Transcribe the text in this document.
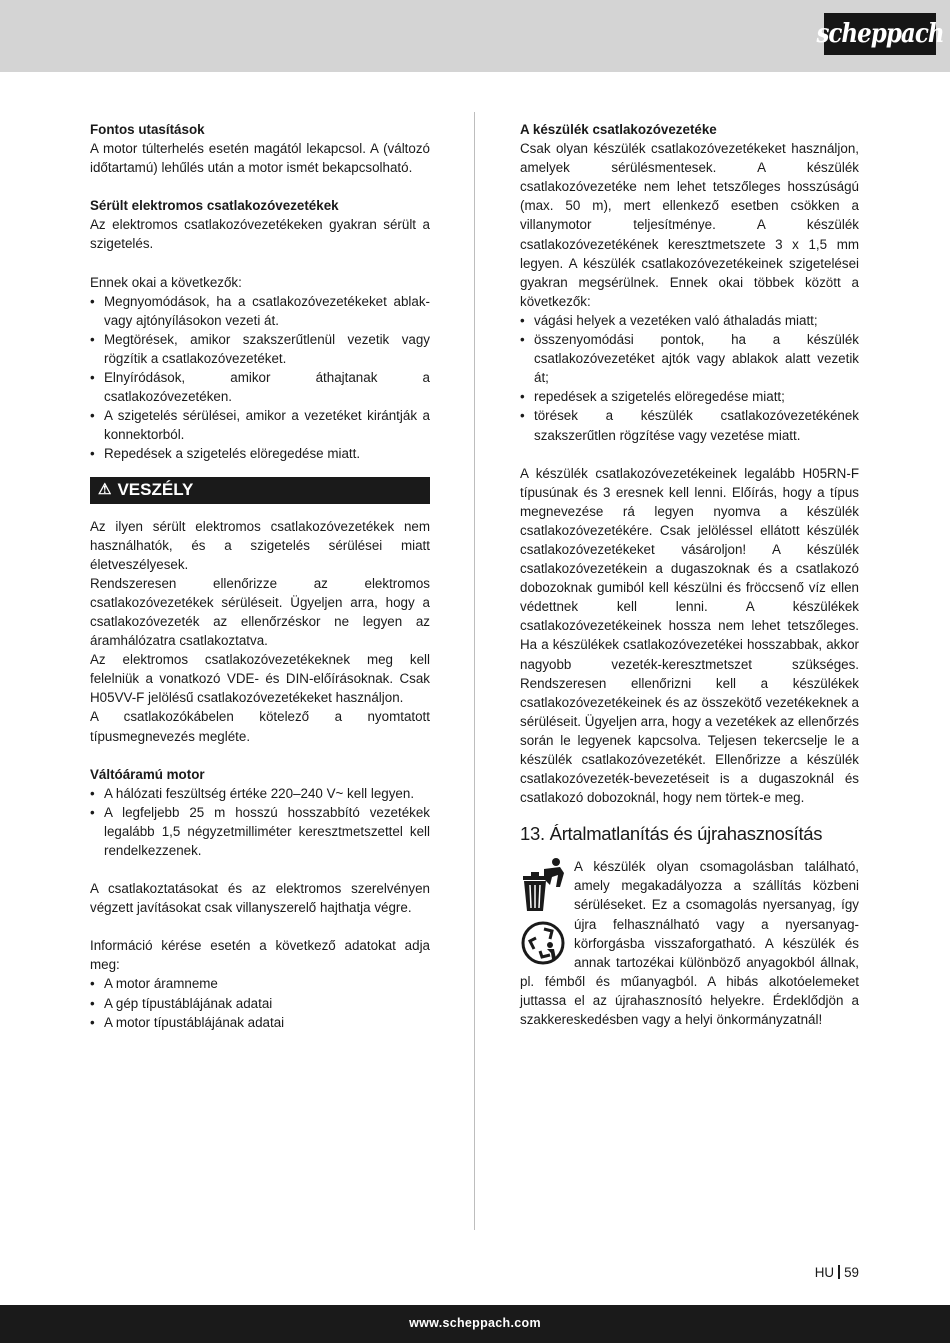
scheppach

Fontos utasítások

A motor túlterhelés esetén magától lekapcsol. A (változó időtartamú) lehűlés után a motor ismét bekapcsolható.

Sérült elektromos csatlakozóvezetékek

Az elektromos csatlakozóvezetékeken gyakran sérült a szigetelés.

Ennek okai a következők:

• Megnyomódások, ha a csatlakozóvezetékeket ablak- vagy ajtónyílásokon vezeti át.
• Megtörések, amikor szakszerűtlenül vezetik vagy rögzítik a csatlakozóvezetéket.
• Elnyíródások, amikor áthajtanak a csatlakozóvezetéken.
• A szigetelés sérülései, amikor a vezetéket kirántják a konnektorból.
• Repedések a szigetelés elöregedése miatt.
⚠ VESZÉLY

Az ilyen sérült elektromos csatlakozóvezetékek nem használhatók, és a szigetelés sérülései miatt életveszélyesek.

Rendszeresen ellenőrizze az elektromos csatlakozóvezetékek sérüléseit. Ügyeljen arra, hogy a csatlakozóvezeték az ellenőrzéskor ne legyen az áramhálózatra csatlakoztatva.

Az elektromos csatlakozóvezetékeknek meg kell felelniük a vonatkozó VDE- és DIN-előírásoknak. Csak H05VV-F jelölésű csatlakozóvezetékeket használjon.

A csatlakozókábelen kötelező a nyomtatott típusmegnevezés megléte.

Váltóáramú motor

• A hálózati feszültség értéke 220–240 V~ kell legyen.
• A legfeljebb 25 m hosszú hosszabbító vezetékek legalább 1,5 négyzetmilliméter keresztmetszettel kell rendelkezzenek.

A csatlakoztatásokat és az elektromos szerelvényen végzett javításokat csak villanyszerelő hajthatja végre.

Információ kérése esetén a következő adatokat adja meg:

• A motor áramneme
• A gép típustáblájának adatai
• A motor típustáblájának adatai

A készülék csatlakozóvezetéke

Csak olyan készülék csatlakozóvezetékeket használjon, amelyek sérülésmentesek. A készülék csatlakozóvezetéke nem lehet tetszőleges hosszúságú (max. 50 m), mert ellenkező esetben csökken a villanymotor teljesítménye. A készülék csatlakozóvezetékének keresztmetszete 3 x 1,5 mm legyen. A készülék csatlakozóvezetékeinek szigetelései gyakran megsérülnek. Ennek okai többek között a következők:

• vágási helyek a vezetéken való áthaladás miatt;
• összenyomódási pontok, ha a készülék csatlakozóvezetéket ajtók vagy ablakok alatt vezetik át;
• repedések a szigetelés elöregedése miatt;
• törések a készülék csatlakozóvezetékének szakszerűtlen rögzítése vagy vezetése miatt.

A készülék csatlakozóvezetékeinek legalább H05RN-F típusúnak és 3 eresnek kell lenni. Előírás, hogy a típus megnevezése rá legyen nyomva a készülék csatlakozóvezetékére. Csak jelöléssel ellátott készülék csatlakozóvezetékeket vásároljon! A készülék csatlakozóvezetékein a dugaszoknak és a csatlakozó dobozoknak gumiból kell készülni és fröccsenő víz ellen védettnek kell lenni. A készülékek csatlakozóvezetékeinek hossza nem lehet tetszőleges. Ha a készülékek csatlakozóvezetékei hosszabbak, akkor nagyobb vezeték-keresztmetszet szükséges. Rendszeresen ellenőrizni kell a készülékek csatlakozóvezetékeinek és az összekötő vezetékeknek a sérüléseit. Ügyeljen arra, hogy a vezetékek az ellenőrzés során le legyenek kapcsolva. Teljesen tekercselje le a készülék csatlakozóvezetékét. Ellenőrizze a készülék csatlakozóvezeték-bevezetéseit is a dugaszoknál és csatlakozó dobozoknál, hogy nem törtek-e meg.

13. Ártalmatlanítás és újrahasznosítás

A készülék olyan csomagolásban található, amely megakadályozza a szállítás közbeni sérüléseket. Ez a csomagolás nyersanyag, így újra felhasználható vagy a nyersanyag-körforgásba visszaforgatható. A készülék és annak tartozékai különböző anyagokból állnak, pl. fémből és műanyagból. A hibás alkotóelemeket juttassa el az újrahasznosító helyekre. Érdeklődjön a szakkereskedésben vagy a helyi önkormányzatnál!

HU 59
www.scheppach.com
